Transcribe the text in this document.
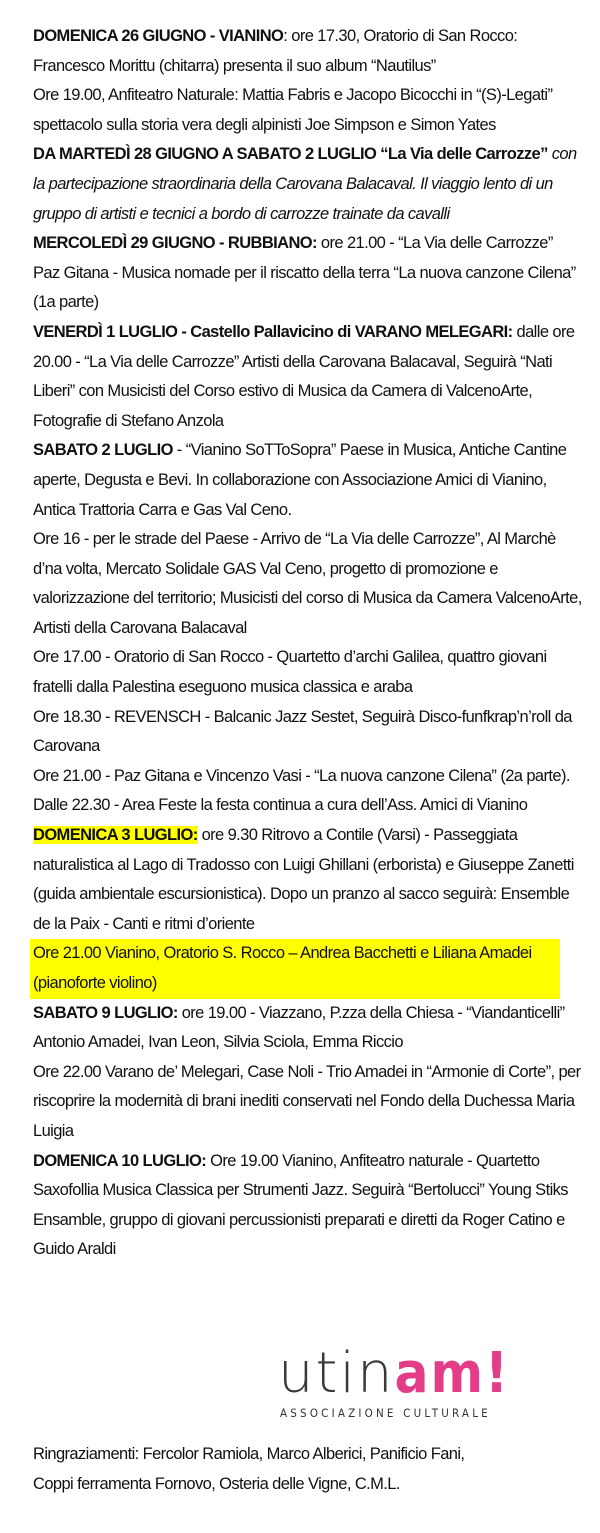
DOMENICA 26 GIUGNO - VIANINO: ore 17.30, Oratorio di San Rocco: Francesco Morittu (chitarra) presenta il suo album “Nautilus”

Ore 19.00, Anfiteatro Naturale: Mattia Fabris e Jacopo Bicocchi in “(S)-Legati” spettacolo sulla storia vera degli alpinisti Joe Simpson e Simon Yates

DA MARTEDÌ 28 GIUGNO A SABATO 2 LUGLIO “La Via delle Carrozze” con la partecipazione straordinaria della Carovana Balacaval. Il viaggio lento di un gruppo di artisti e tecnici a bordo di carrozze trainate da cavalli

MERCOLEDÌ 29 GIUGNO - RUBBIANO: ore 21.00 - “La Via delle Carrozze” Paz Gitana - Musica nomade per il riscatto della terra “La nuova canzone Cilena” (1a parte)

VENERDÌ 1 LUGLIO - Castello Pallavicino di VARANO MELEGARI: dalle ore 20.00 - “La Via delle Carrozze” Artisti della Carovana Balacaval, Seguirà “Nati Liberi” con Musicisti del Corso estivo di Musica da Camera di ValcenoArte, Fotografie di Stefano Anzola

SABATO 2 LUGLIO - “Vianino SoTToSopra” Paese in Musica, Antiche Cantine aperte, Degusta e Bevi. In collaborazione con Associazione Amici di Vianino, Antica Trattoria Carra e Gas Val Ceno.

Ore 16 - per le strade del Paese - Arrivo de “La Via delle Carrozze”, Al Marchè d’na volta, Mercato Solidale GAS Val Ceno, progetto di promozione e valorizzazione del territorio; Musicisti del corso di Musica da Camera ValcenoArte, Artisti della Carovana Balacaval

Ore 17.00 - Oratorio di San Rocco - Quartetto d’archi Galilea, quattro giovani fratelli dalla Palestina eseguono musica classica e araba

Ore 18.30 - REVENSCH - Balcanic Jazz Sestet, Seguirà Disco-funfkrap’n’roll da Carovana

Ore 21.00 - Paz Gitana e Vincenzo Vasi - “La nuova canzone Cilena” (2a parte). Dalle 22.30 - Area Feste la festa continua a cura dell’Ass. Amici di Vianino

DOMENICA 3 LUGLIO: ore 9.30 Ritrovo a Contile (Varsi) - Passeggiata naturalistica al Lago di Tradosso con Luigi Ghillani (erborista) e Giuseppe Zanetti (guida ambientale escursionistica). Dopo un pranzo al sacco seguirà: Ensemble de la Paix - Canti e ritmi d’oriente

Ore 21.00 Vianino, Oratorio S. Rocco – Andrea Bacchetti e Liliana Amadei (pianoforte violino)

SABATO 9 LUGLIO: ore 19.00 - Viazzano, P.zza della Chiesa - “Viandanticelli” Antonio Amadei, Ivan Leon, Silvia Sciola, Emma Riccio

Ore 22.00 Varano de’ Melegari, Case Noli - Trio Amadei in “Armonie di Corte”, per riscoprire la modernità di brani inediti conservati nel Fondo della Duchessa Maria Luigia

DOMENICA 10 LUGLIO: Ore 19.00 Vianino, Anfiteatro naturale - Quartetto Saxofollia Musica Classica per Strumenti Jazz. Seguirà “Bertolucci” Young Stiks Ensamble, gruppo di giovani percussionisti preparati e diretti da Roger Catino e Guido Araldi

utinam!
ASSOCIAZIONE CULTURALE

Ringraziamenti: Fercolor Ramiola, Marco Alberici, Panificio Fani,

Coppi ferramenta Fornovo, Osteria delle Vigne, C.M.L.
